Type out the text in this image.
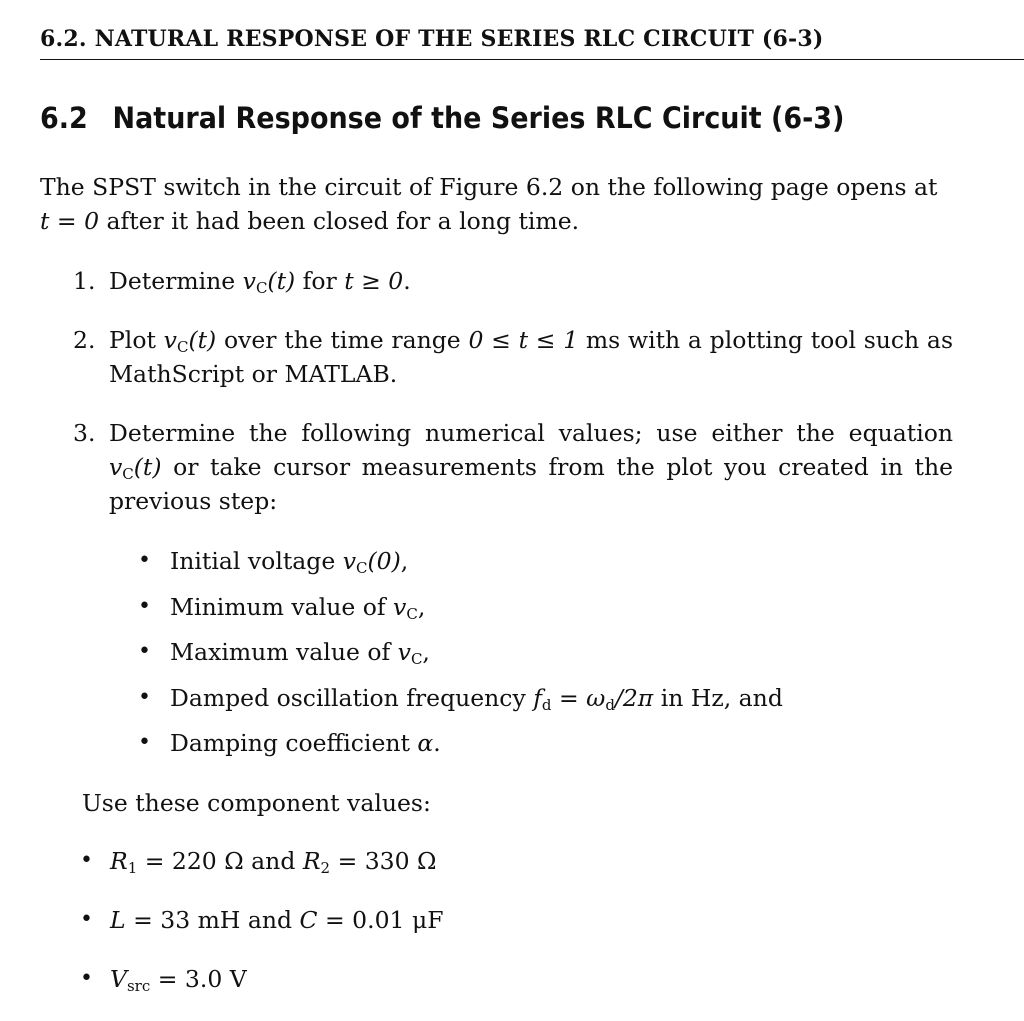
6.2. NATURAL RESPONSE OF THE SERIES RLC CIRCUIT (6-3)
6.2 Natural Response of the Series RLC Circuit (6-3)

The SPST switch in the circuit of Figure 6.2 on the following page opens at

t = 0 after it had been closed for a long time.

1. Determine $v_C(t)$ for t ≥ 0.
2. Plot $v_C(t)$ over the time range 0 ≤ t ≤ 1 ms with a plotting tool such as MathScript or MATLAB.
3. Determine the following numerical values; use either the equation $v_C(t)$ or take cursor measurements from the plot you created in the previous step:
• Initial voltage $v_C(0)$,
• Minimum value of $v_C$,
• Maximum value of $v_C$,
• Damped oscillation frequency $f_d = \omega_d/2\pi$ in Hz, and
• Damping coefficient α.
Use these component values:
• $R_1 = 220$ Ω and $R_2 = 330$ Ω
• L = 33 mH and C = 0.01 μF
• $V_{src} = 3.0$ V
